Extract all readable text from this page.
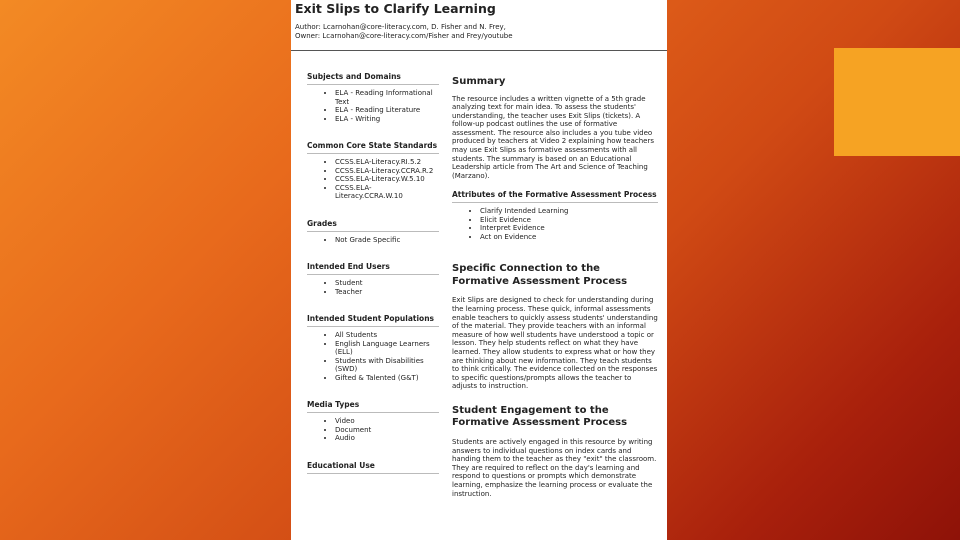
Exit Slips to Clarify Learning
Author: Lcarnohan@core-literacy.com, D. Fisher and N. Frey,
Owner: Lcarnohan@core-literacy.com/Fisher and Frey/youtube
Subjects and Domains
• ELA - Reading Informational Text
• ELA - Reading Literature
• ELA - Writing
Common Core State Standards
• CCSS.ELA-Literacy.RI.5.2
• CCSS.ELA-Literacy.CCRA.R.2
• CCSS.ELA-Literacy.W.5.10
• CCSS.ELA-Literacy.CCRA.W.10
Grades
• Not Grade Specific
Intended End Users
• Student
• Teacher
Intended Student Populations
• All Students
• English Language Learners (ELL)
• Students with Disabilities (SWD)
• Gifted & Talented (G&T)
Media Types
• Video
• Document
• Audio
Educational Use
Summary
The resource includes a written vignette of a 5th grade analyzing text for main idea. To assess the students' understanding, the teacher uses Exit Slips (tickets). A follow-up podcast outlines the use of formative assessment. The resource also includes a you tube video produced by teachers at Video 2 explaining how teachers may use Exit Slips as formative assessments with all students. The summary is based on an Educational Leadership article from The Art and Science of Teaching (Marzano).
Attributes of the Formative Assessment Process
• Clarify Intended Learning
• Elicit Evidence
• Interpret Evidence
• Act on Evidence
Specific Connection to the
Formative Assessment Process
Exit Slips are designed to check for understanding during the learning process. These quick, informal assessments enable teachers to quickly assess students' understanding of the material. They provide teachers with an informal measure of how well students have understood a topic or lesson. They help students reflect on what they have learned. They allow students to express what or how they are thinking about new information. They teach students to think critically. The evidence collected on the responses to specific questions/prompts allows the teacher to adjusts to instruction.
Student Engagement to the
Formative Assessment Process
Students are actively engaged in this resource by writing answers to individual questions on index cards and handing them to the teacher as they "exit" the classroom. They are required to reflect on the day's learning and respond to questions or prompts which demonstrate learning, emphasize the learning process or evaluate the instruction.
